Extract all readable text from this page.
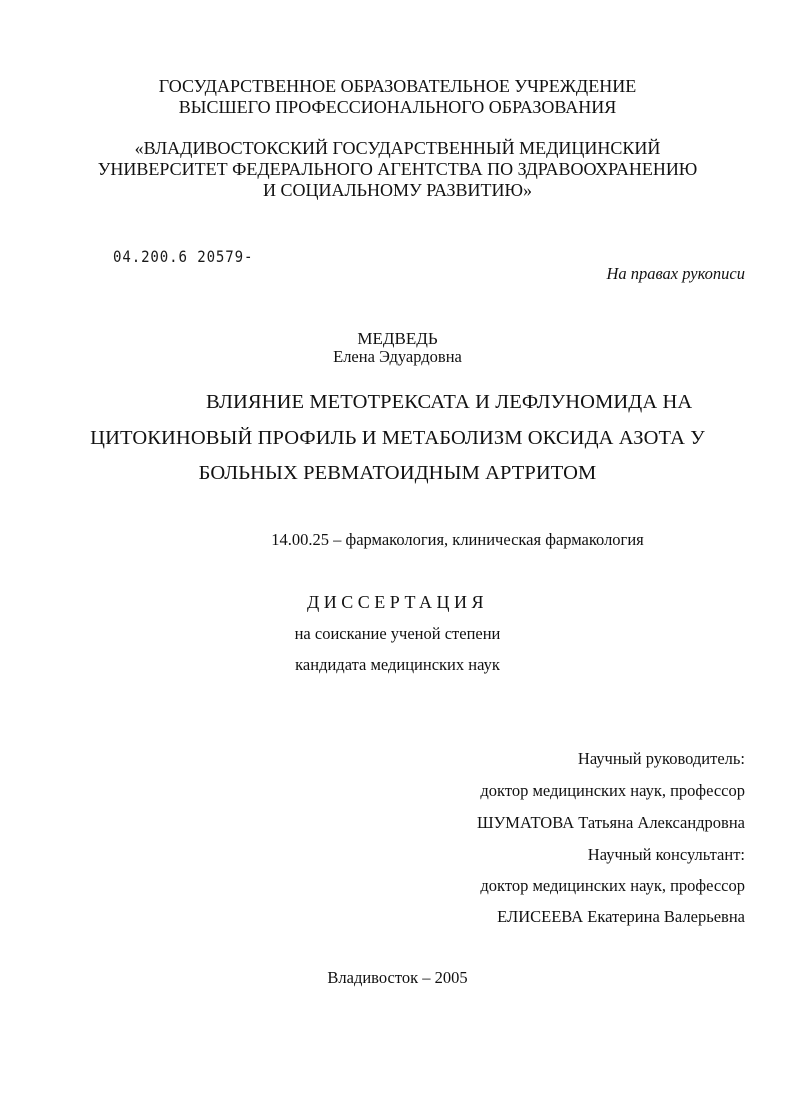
ГОСУДАРСТВЕННОЕ ОБРАЗОВАТЕЛЬНОЕ УЧРЕЖДЕНИЕ
ВЫСШЕГО ПРОФЕССИОНАЛЬНОГО ОБРАЗОВАНИЯ
«ВЛАДИВОСТОКСКИЙ ГОСУДАРСТВЕННЫЙ МЕДИЦИНСКИЙ
УНИВЕРСИТЕТ ФЕДЕРАЛЬНОГО АГЕНТСТВА ПО ЗДРАВООХРАНЕНИЮ
И СОЦИАЛЬНОМУ РАЗВИТИЮ»
04.200.6 20579-
На правах рукописи
МЕДВЕДЬ
Елена Эдуардовна
ВЛИЯНИЕ МЕТОТРЕКСАТА И ЛЕФЛУНОМИДА НА
ЦИТОКИНОВЫЙ ПРОФИЛЬ И МЕТАБОЛИЗМ ОКСИДА АЗОТА У
БОЛЬНЫХ РЕВМАТОИДНЫМ АРТРИТОМ
14.00.25 – фармакология, клиническая фармакология
ДИССЕРТАЦИЯ
на соискание ученой степени
кандидата медицинских наук
Научный руководитель:
доктор медицинских наук, профессор
ШУМАТОВА Татьяна Александровна
Научный консультант:
доктор медицинских наук, профессор
ЕЛИСЕЕВА Екатерина Валерьевна
Владивосток – 2005
